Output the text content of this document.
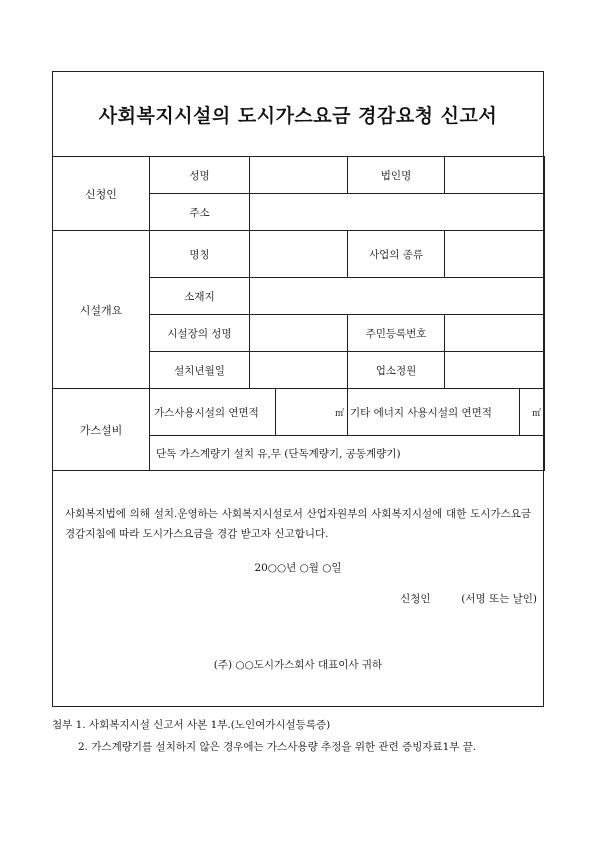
사회복지시설의 도시가스요금 경감요청 신고서
신청인	성명			법인명		
	주소					
시설개요	명칭			사업의 종류		
	소재지					
	시설장의 성명			주민등록번호		
	설치년월일			업소정원		
가스설비	가스사용시설의 연면적		㎡	기타 에너지 사용시설의 연면적		㎡
	단독 가스계량기 설치 유,무 (단독계량기, 공동계량기)					
사회복지법에 의해 설치.운영하는 사회복지시설로서 산업자원부의 사회복지시설에 대한 도시가스요금 경감지침에 따라 도시가스요금을 경감 받고자 신고합니다.
20○○년 ○월 ○일
신청인	(서명 또는 날인)
(주) ○○도시가스회사 대표이사 귀하
첨부 1. 사회복지시설 신고서 사본 1부.(노인여가시설등록증)
2. 가스계량기를 설치하지 않은 경우에는 가스사용량 추정을 위한 관련 증빙자료1부 끝.
